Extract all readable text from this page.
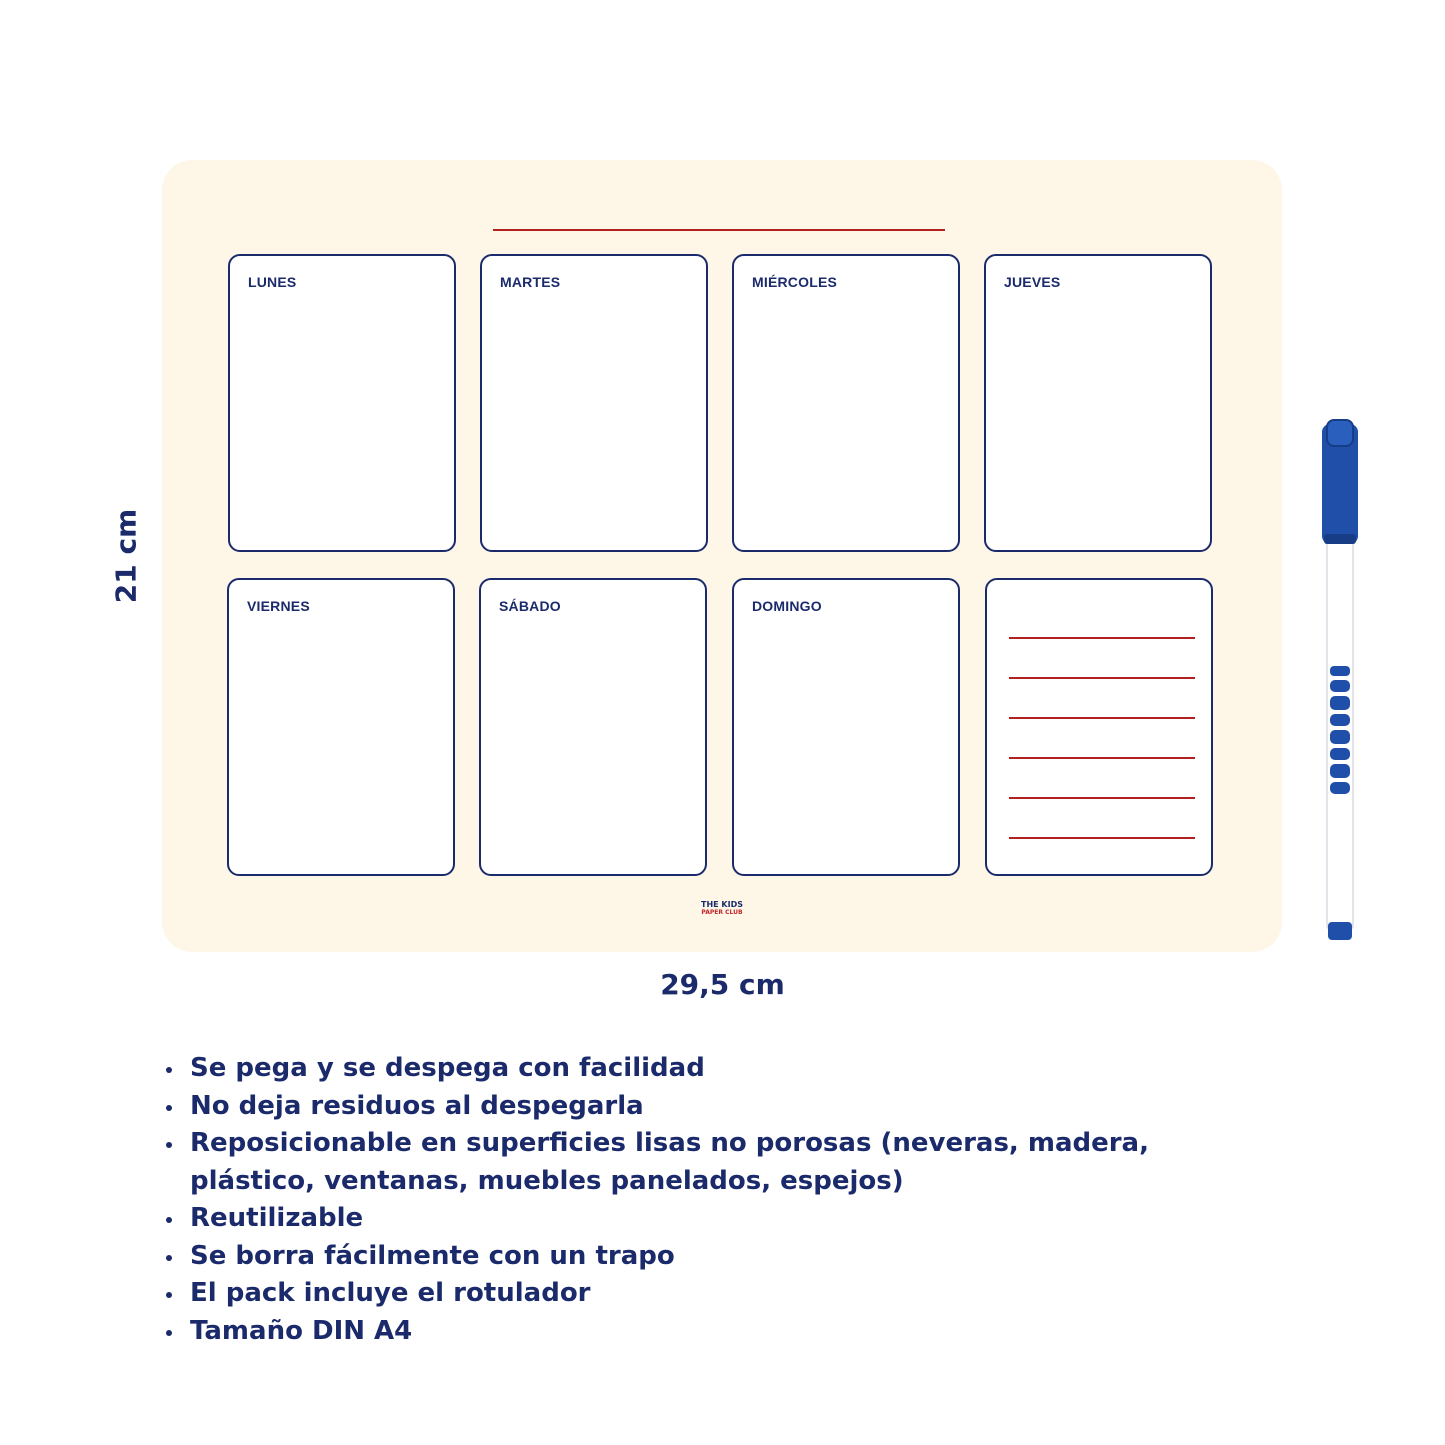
LUNES	MARTES	MIÉRCOLES	JUEVES
VIERNES	SÁBADO	DOMINGO
THE KIDS
PAPER CLUB
21 cm
29,5 cm
Se pega y se despega con facilidad
No deja residuos al despegarla
Reposicionable en superficies lisas no porosas (neveras, madera, plástico, ventanas, muebles panelados, espejos)
Reutilizable
Se borra fácilmente con un trapo
El pack incluye el rotulador
Tamaño DIN A4
